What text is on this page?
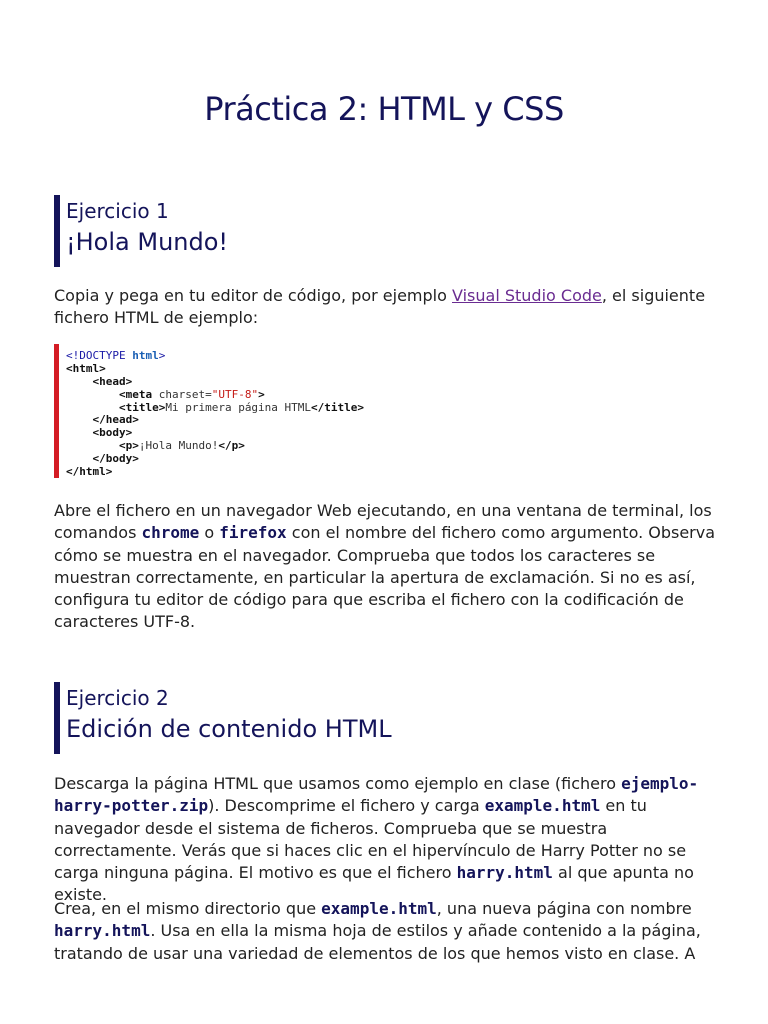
Práctica 2: HTML y CSS
Ejercicio 1
¡Hola Mundo!

Copia y pega en tu editor de código, por ejemplo Visual Studio Code, el siguiente fichero HTML de ejemplo:

<!DOCTYPE html>
<html>
<head>
<meta charset="UTF-8">
<title>Mi primera página HTML</title>
</head>
<body>
<p>¡Hola Mundo!</p>
</body>
</html>

Abre el fichero en un navegador Web ejecutando, en una ventana de terminal, los comandos chrome o firefox con el nombre del fichero como argumento. Observa cómo se muestra en el navegador. Comprueba que todos los caracteres se muestran correctamente, en particular la apertura de exclamación. Si no es así, configura tu editor de código para que escriba el fichero con la codificación de caracteres UTF-8.

Ejercicio 2
Edición de contenido HTML

Descarga la página HTML que usamos como ejemplo en clase (fichero ejemplo-harry-potter.zip). Descomprime el fichero y carga example.html en tu navegador desde el sistema de ficheros. Comprueba que se muestra correctamente. Verás que si haces clic en el hipervínculo de Harry Potter no se carga ninguna página. El motivo es que el fichero harry.html al que apunta no existe.

Crea, en el mismo directorio que example.html, una nueva página con nombre harry.html. Usa en ella la misma hoja de estilos y añade contenido a la página, tratando de usar una variedad de elementos de los que hemos visto en clase. A
